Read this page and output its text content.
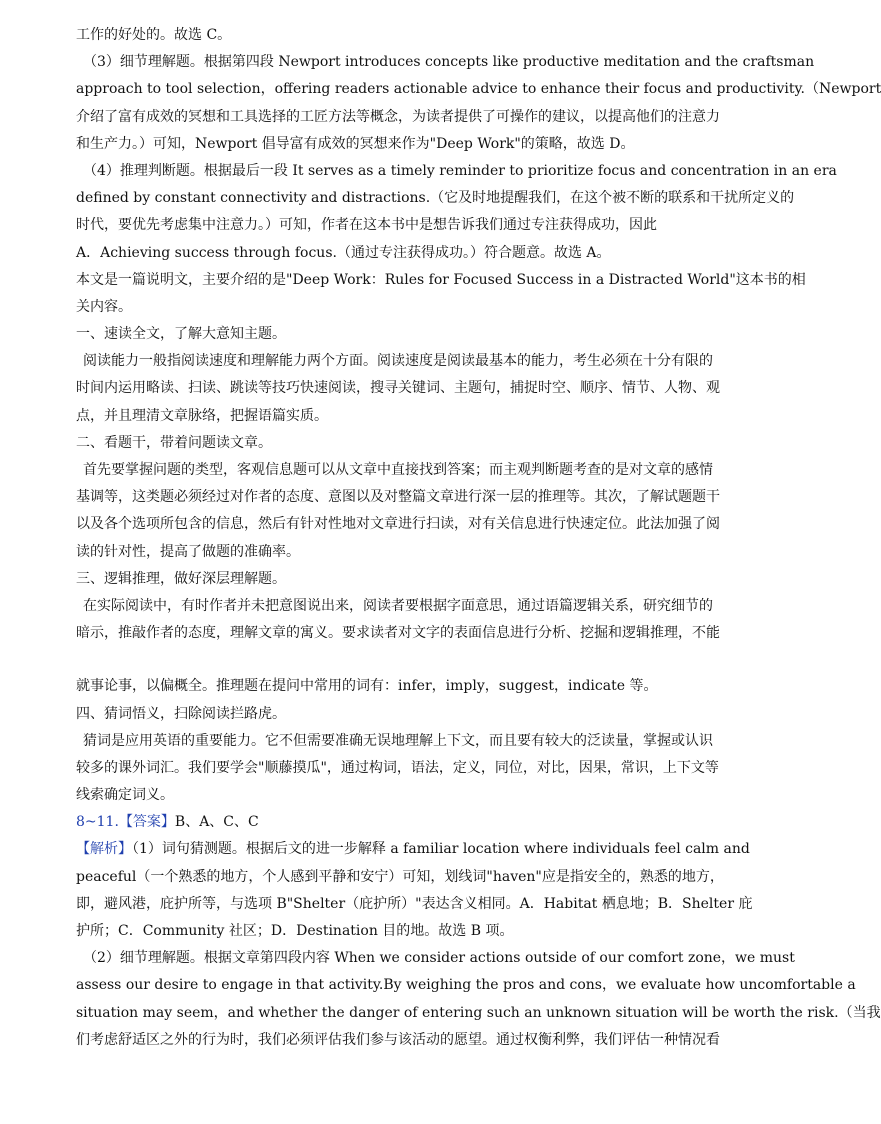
工作的好处的。故选 C。
（3）细节理解题。根据第四段 Newport introduces concepts like productive meditation and the craftsman
approach to tool selection，offering readers actionable advice to enhance their focus and productivity.（Newport
介绍了富有成效的冥想和工具选择的工匠方法等概念，为读者提供了可操作的建议，以提高他们的注意力
和生产力。）可知，Newport 倡导富有成效的冥想来作为"Deep Work"的策略，故选 D。
（4）推理判断题。根据最后一段 It serves as a timely reminder to prioritize focus and concentration in an era
defined by constant connectivity and distractions.（它及时地提醒我们，在这个被不断的联系和干扰所定义的
时代，要优先考虑集中注意力。）可知，作者在这本书中是想告诉我们通过专注获得成功，因此
A．Achieving success through focus.（通过专注获得成功。）符合题意。故选 A。
本文是一篇说明文，主要介绍的是"Deep Work：Rules for Focused Success in a Distracted World"这本书的相
关内容。
一、速读全文，了解大意知主题。
阅读能力一般指阅读速度和理解能力两个方面。阅读速度是阅读最基本的能力，考生必须在十分有限的
时间内运用略读、扫读、跳读等技巧快速阅读，搜寻关键词、主题句，捕捉时空、顺序、情节、人物、观
点，并且理清文章脉络，把握语篇实质。
二、看题干，带着问题读文章。
首先要掌握问题的类型，客观信息题可以从文章中直接找到答案；而主观判断题考查的是对文章的感情
基调等，这类题必须经过对作者的态度、意图以及对整篇文章进行深一层的推理等。其次，了解试题题干
以及各个选项所包含的信息，然后有针对性地对文章进行扫读，对有关信息进行快速定位。此法加强了阅
读的针对性，提高了做题的准确率。
三、逻辑推理，做好深层理解题。
在实际阅读中，有时作者并未把意图说出来，阅读者要根据字面意思，通过语篇逻辑关系，研究细节的
暗示，推敲作者的态度，理解文章的寓义。要求读者对文字的表面信息进行分析、挖掘和逻辑推理，不能
就事论事，以偏概全。推理题在提问中常用的词有：infer，imply，suggest，indicate 等。
四、猜词悟义，扫除阅读拦路虎。
猜词是应用英语的重要能力。它不但需要准确无误地理解上下文，而且要有较大的泛读量，掌握或认识
较多的课外词汇。我们要学会"顺藤摸瓜"，通过构词，语法，定义，同位，对比，因果，常识，上下文等
线索确定词义。
8~11.【答案】B、A、C、C
【解析】（1）词句猜测题。根据后文的进一步解释 a familiar location where individuals feel calm and
peaceful（一个熟悉的地方，个人感到平静和安宁）可知，划线词"haven"应是指安全的，熟悉的地方，
即，避风港，庇护所等，与选项 B"Shelter（庇护所）"表达含义相同。A．Habitat 栖息地；B．Shelter 庇
护所；C．Community 社区；D．Destination 目的地。故选 B 项。
（2）细节理解题。根据文章第四段内容 When we consider actions outside of our comfort zone，we must
assess our desire to engage in that activity.By weighing the pros and cons，we evaluate how uncomfortable a
situation may seem，and whether the danger of entering such an unknown situation will be worth the risk.（当我
们考虑舒适区之外的行为时，我们必须评估我们参与该活动的愿望。通过权衡利弊，我们评估一种情况看
